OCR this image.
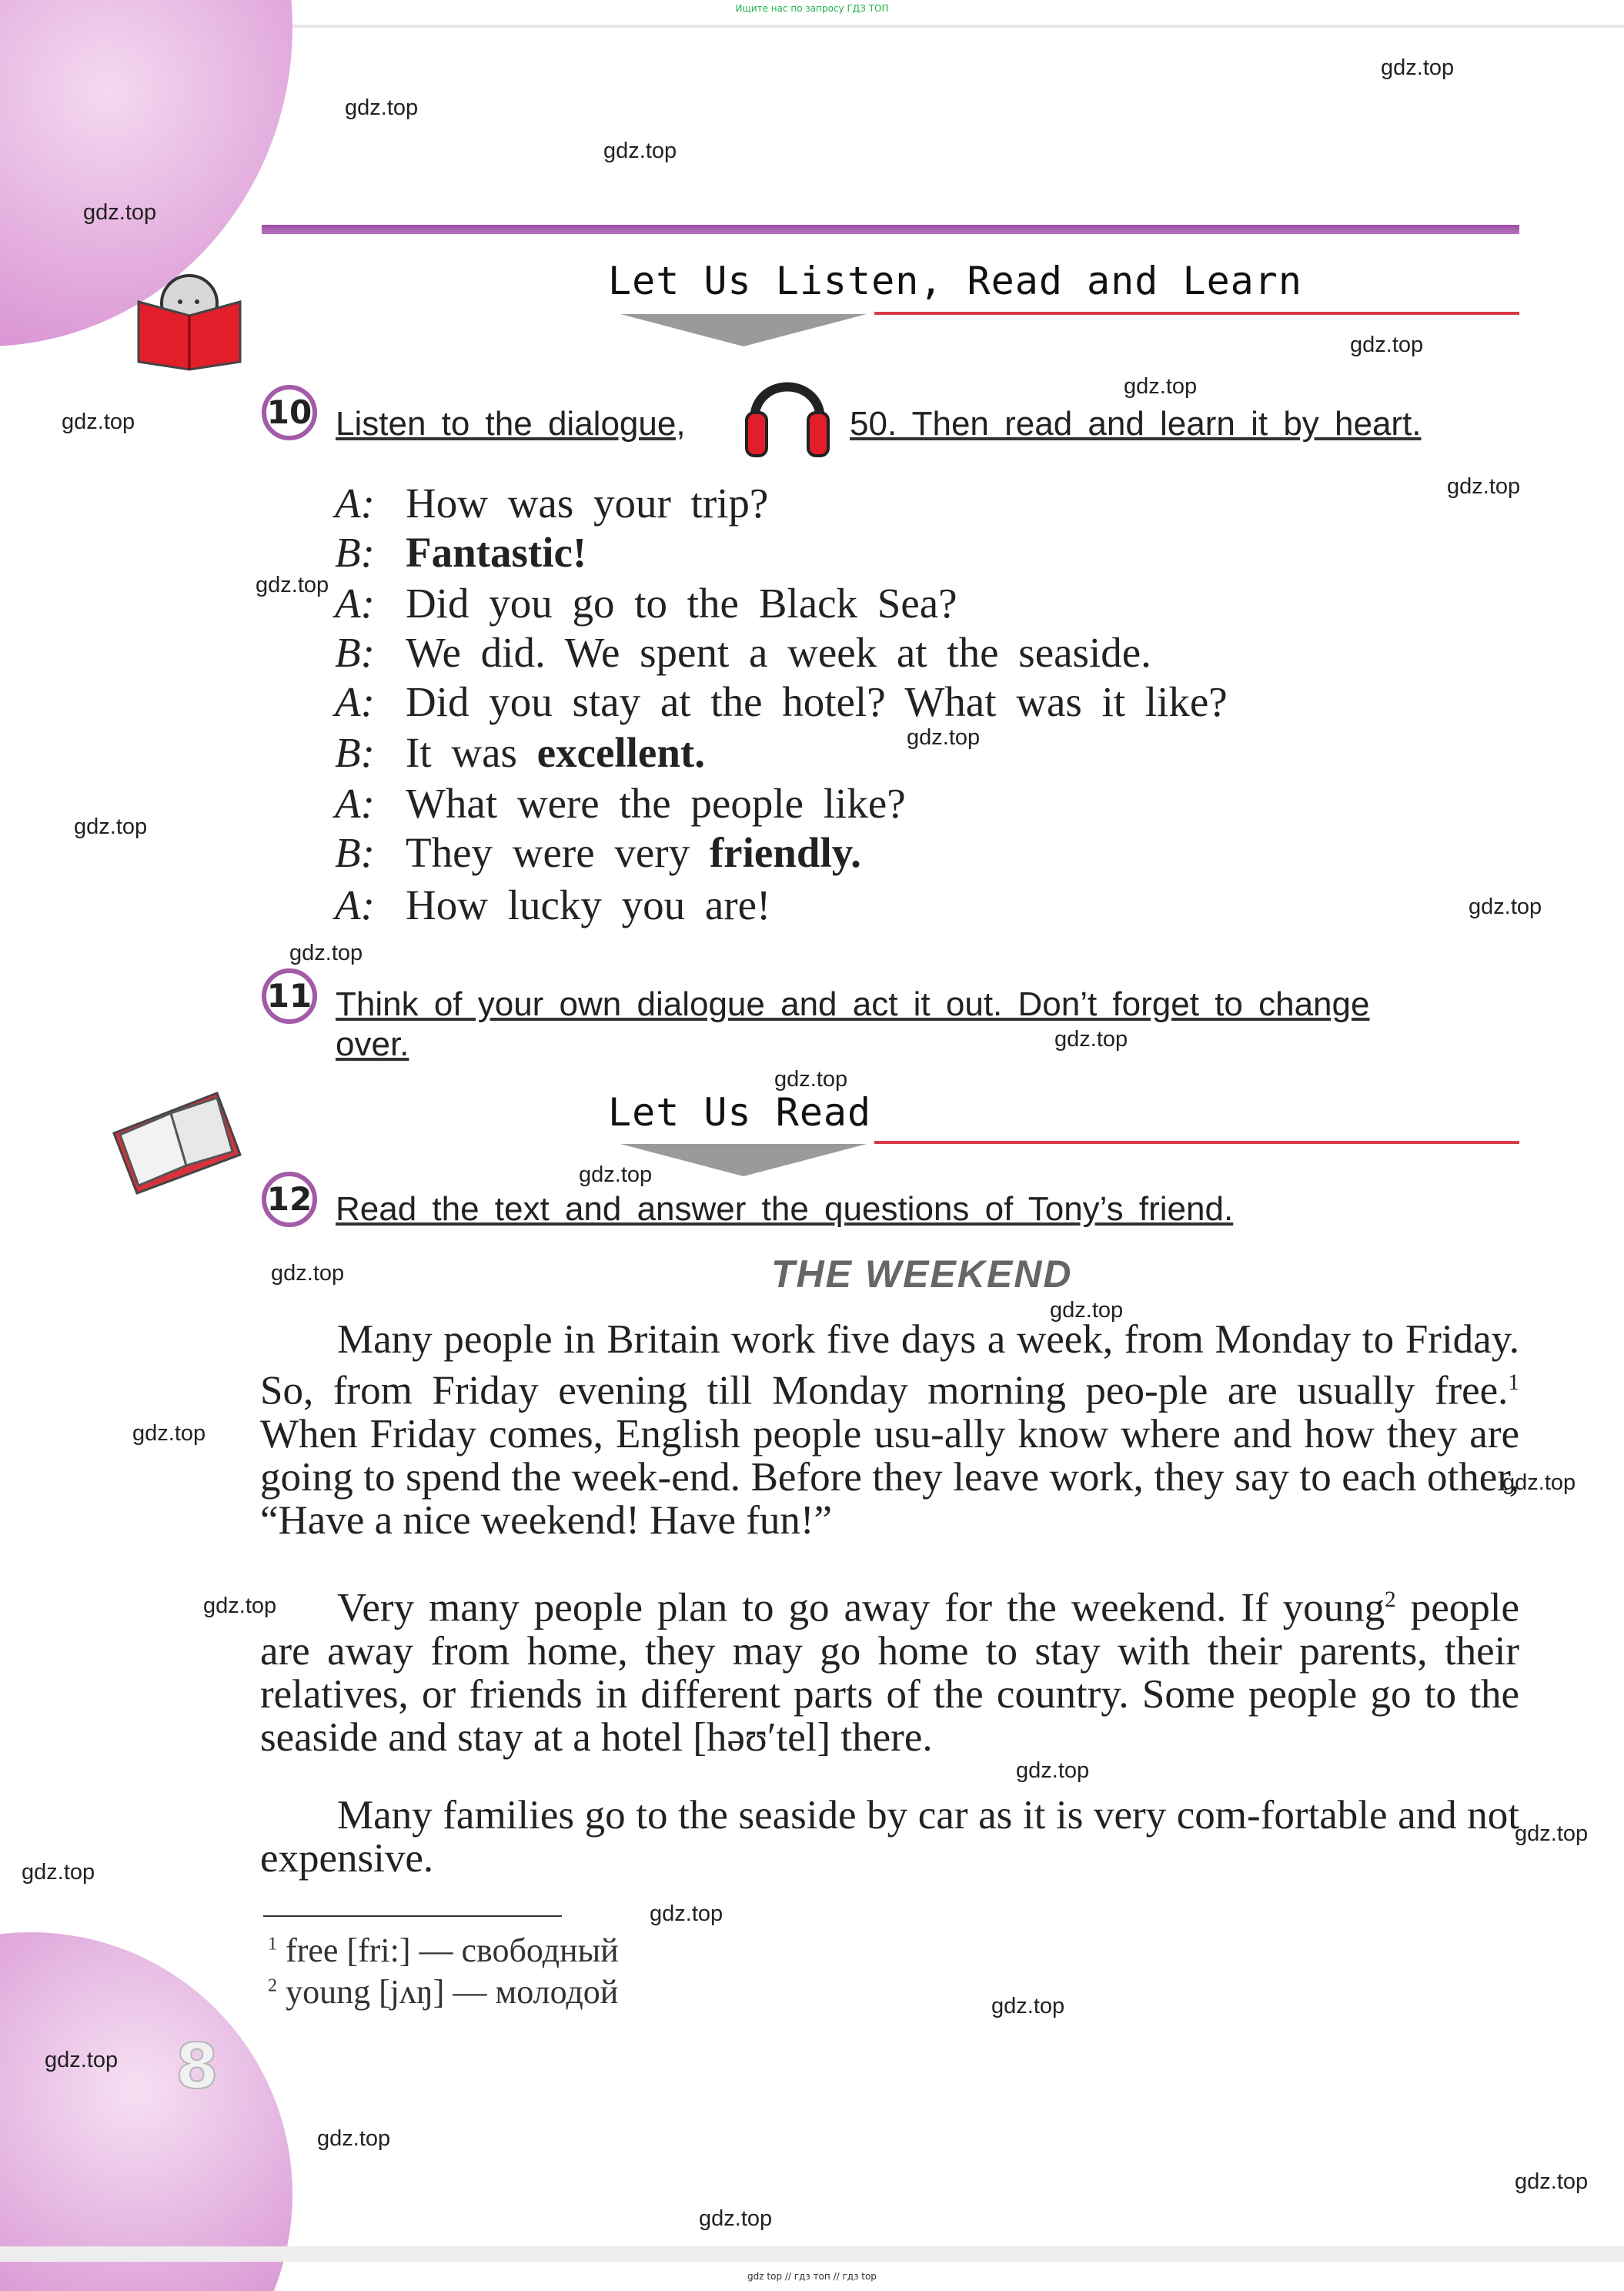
Ищите нас по запросу ГДЗ ТОП
Let Us Listen, Read and Learn
10 Listen to the dialogue,	50. Then read and learn it by heart.
A: How was your trip?
B: Fantastic!
A: Did you go to the Black Sea?
B: We did. We spent a week at the seaside.
A: Did you stay at the hotel? What was it like?
B: It was excellent.
A: What were the people like?
B: They were very friendly.
A: How lucky you are!
11 Think of your own dialogue and act it out. Don’t forget to change
over.
Let Us Read
12 Read the text and answer the questions of Tony’s friend.
THE WEEKEND

Many people in Britain work five days a week, from Monday to Friday. So, from Friday evening till Monday morning peo-ple are usually free.$^1$ When Friday comes, English people usu-ally know where and how they are going to spend the week-end. Before they leave work, they say to each other, “Have a nice weekend! Have fun!”

Very many people plan to go away for the weekend. If young$^2$ people are away from home, they may go home to stay with their parents, their relatives, or friends in different parts of the country. Some people go to the seaside and stay at a hotel [həʊ′tel] there.

Many families go to the seaside by car as it is very com-fortable and not expensive.

$^1$ free [fri:] — свободный
$^2$ young [jʌŋ] — молодой
8
gdz.top
gdz.top
gdz.top
gdz.top
gdz.top
gdz.top
gdz.top
gdz.top
gdz.top
gdz.top
gdz.top
gdz.top
gdz.top
gdz.top
gdz.top
gdz.top
gdz.top
gdz.top
gdz.top
gdz.top
gdz.top
gdz.top
gdz.top
gdz.top
gdz.top
gdz.top
gdz.top
gdz.top
gdz.top
gdz.top
gdz top // гдз топ // гдз top
